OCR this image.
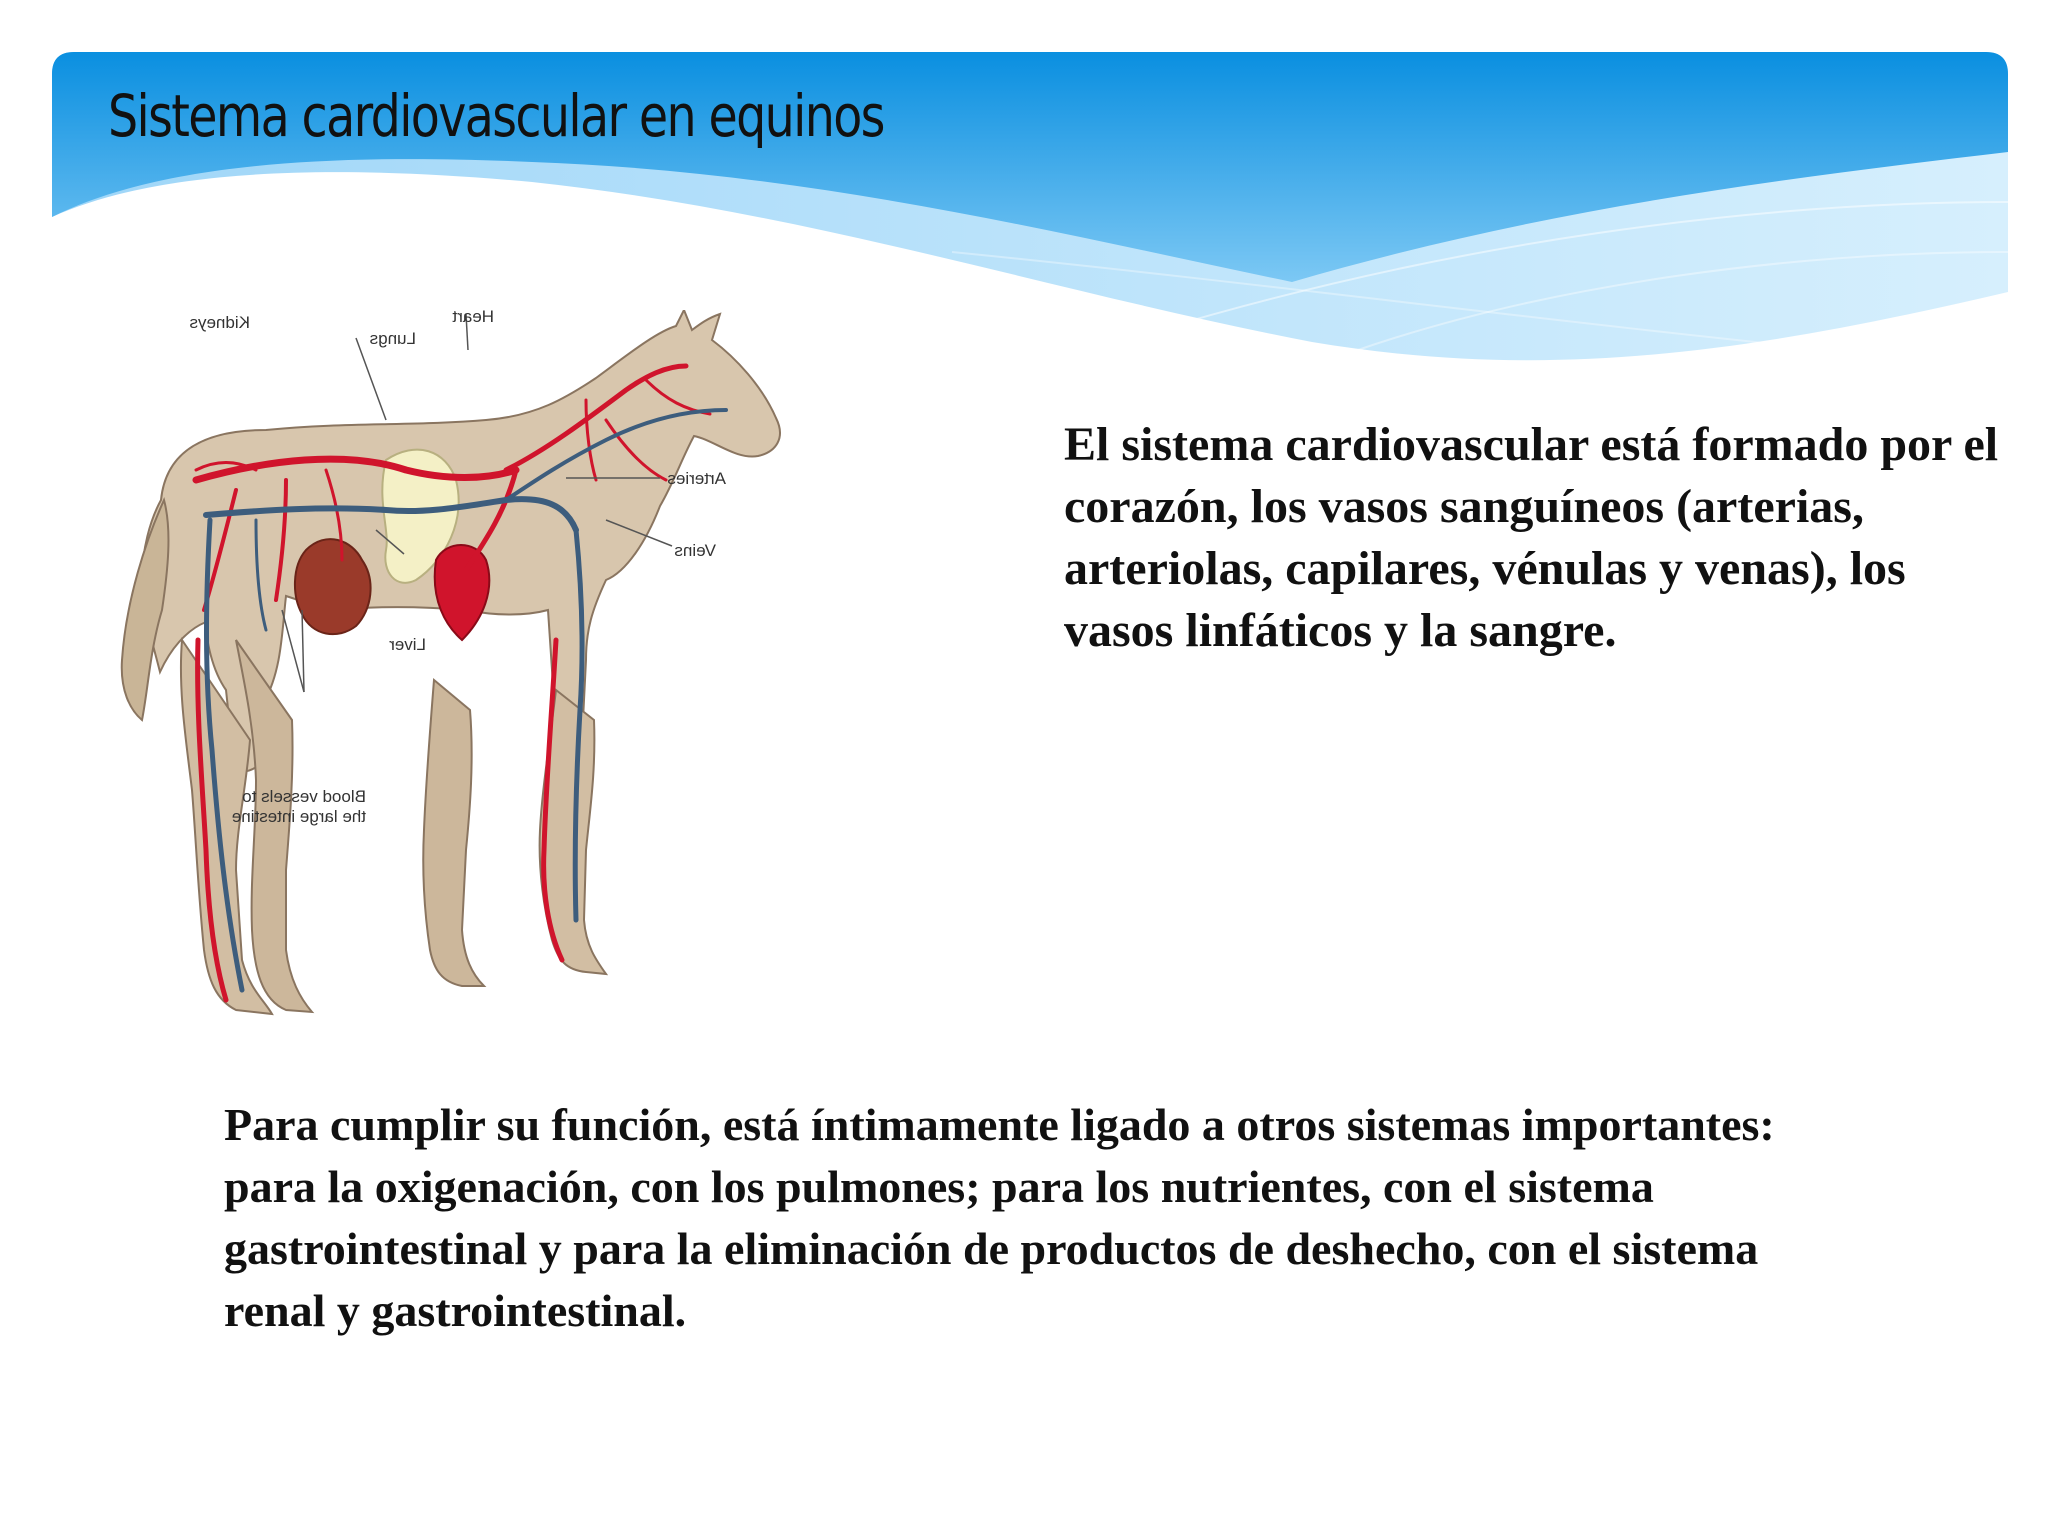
Sistema cardiovascular en equinos
Kidneys
Lungs
Heart
Arteries
Veins
Liver
Blood vessels to
the large intestine

El sistema cardiovascular está formado por el corazón, los vasos sanguíneos (arterias, arteriolas, capilares, vénulas y venas), los vasos linfáticos y la sangre.

Para cumplir su función, está íntimamente ligado a otros sistemas importantes: para la oxigenación, con los pulmones; para los nutrientes, con el sistema gastrointestinal y para la eliminación de productos de deshecho, con el sistema renal y gastrointestinal.
